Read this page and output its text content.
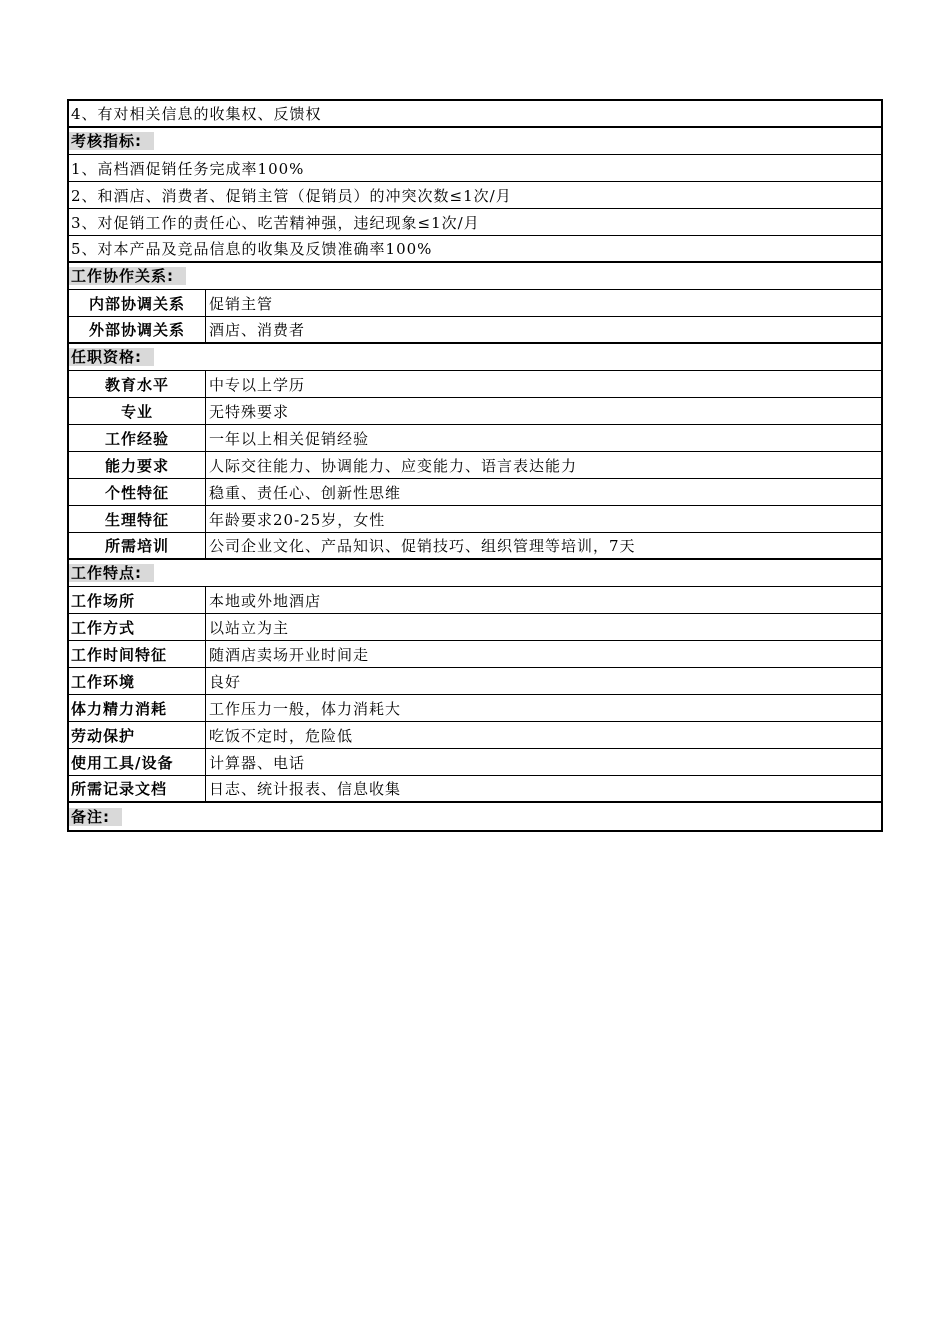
4、有对相关信息的收集权、反馈权
考核指标:
1、高档酒促销任务完成率100%
2、和酒店、消费者、促销主管（促销员）的冲突次数≤1次/月
3、对促销工作的责任心、吃苦精神强，违纪现象≤1次/月
5、对本产品及竞品信息的收集及反馈准确率100%
工作协作关系:
内部协调关系	促销主管
外部协调关系	酒店、消费者
任职资格:
教育水平	中专以上学历
专业	无特殊要求
工作经验	一年以上相关促销经验
能力要求	人际交往能力、协调能力、应变能力、语言表达能力
个性特征	稳重、责任心、创新性思维
生理特征	年龄要求20-25岁，女性
所需培训	公司企业文化、产品知识、促销技巧、组织管理等培训，7天
工作特点:
工作场所	本地或外地酒店
工作方式	以站立为主
工作时间特征	随酒店卖场开业时间走
工作环境	良好
体力精力消耗	工作压力一般，体力消耗大
劳动保护	吃饭不定时，危险低
使用工具/设备	计算器、电话
所需记录文档	日志、统计报表、信息收集
备注:
